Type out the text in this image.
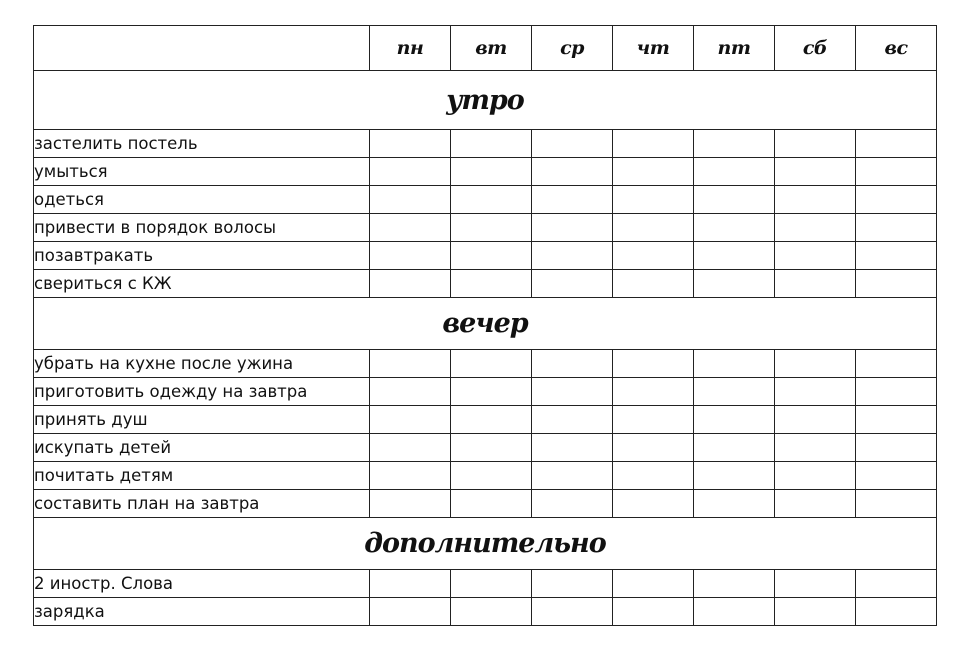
	пн	вт	ср	чт	пт	сб	вс
утро							
застелить постель							
умыться							
одеться							
привести в порядок волосы							
позавтракать							
свериться с КЖ							
вечер							
убрать на кухне после ужина							
приготовить одежду на завтра							
принять душ							
искупать детей							
почитать детям							
составить план на завтра							
дополнительно							
2 иностр. Слова							
зарядка							
